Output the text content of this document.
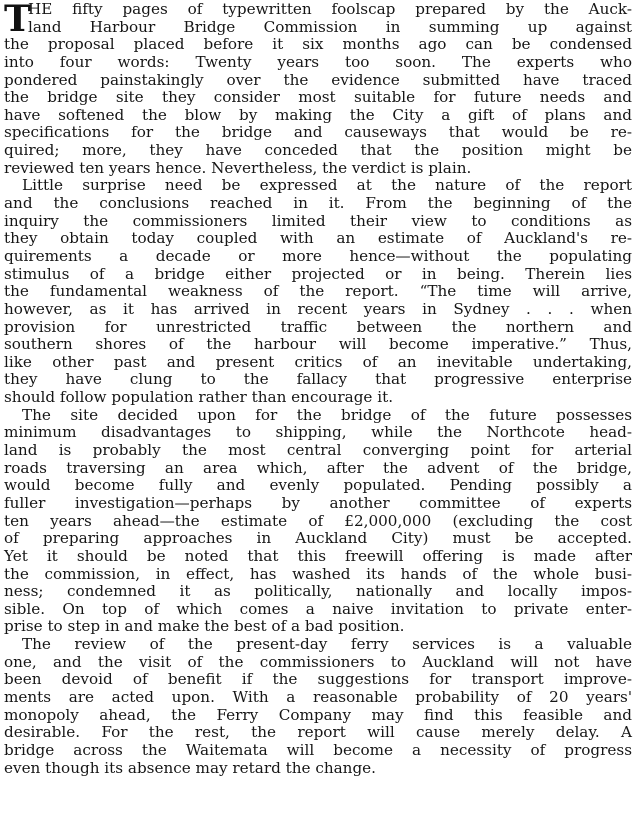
T
HE fifty pages of typewritten foolscap prepared by the Auck-
land Harbour Bridge Commission in summing up against
the proposal placed before it six months ago can be condensed
into four words: Twenty years too soon. The experts who
pondered painstakingly over the evidence submitted have traced
the bridge site they consider most suitable for future needs and
have softened the blow by making the City a gift of plans and
specifications for the bridge and causeways that would be re-
quired; more, they have conceded that the position might be
reviewed ten years hence. Nevertheless, the verdict is plain.
Little surprise need be expressed at the nature of the report
and the conclusions reached in it. From the beginning of the
inquiry the commissioners limited their view to conditions as
they obtain today coupled with an estimate of Auckland's re-
quirements a decade or more hence—without the populating
stimulus of a bridge either projected or in being. Therein lies
the fundamental weakness of the report. “The time will arrive,
however, as it has arrived in recent years in Sydney . . . when
provision for unrestricted traffic between the northern and
southern shores of the harbour will become imperative.” Thus,
like other past and present critics of an inevitable undertaking,
they have clung to the fallacy that progressive enterprise
should follow population rather than encourage it.
The site decided upon for the bridge of the future possesses
minimum disadvantages to shipping, while the Northcote head-
land is probably the most central converging point for arterial
roads traversing an area which, after the advent of the bridge,
would become fully and evenly populated. Pending possibly a
fuller investigation—perhaps by another committee of experts
ten years ahead—the estimate of £2,000,000 (excluding the cost
of preparing approaches in Auckland City) must be accepted.
Yet it should be noted that this freewill offering is made after
the commission, in effect, has washed its hands of the whole busi-
ness; condemned it as politically, nationally and locally impos-
sible. On top of which comes a naive invitation to private enter-
prise to step in and make the best of a bad position.
The review of the present-day ferry services is a valuable
one, and the visit of the commissioners to Auckland will not have
been devoid of benefit if the suggestions for transport improve-
ments are acted upon. With a reasonable probability of 20 years'
monopoly ahead, the Ferry Company may find this feasible and
desirable. For the rest, the report will cause merely delay. A
bridge across the Waitemata will become a necessity of progress
even though its absence may retard the change.
